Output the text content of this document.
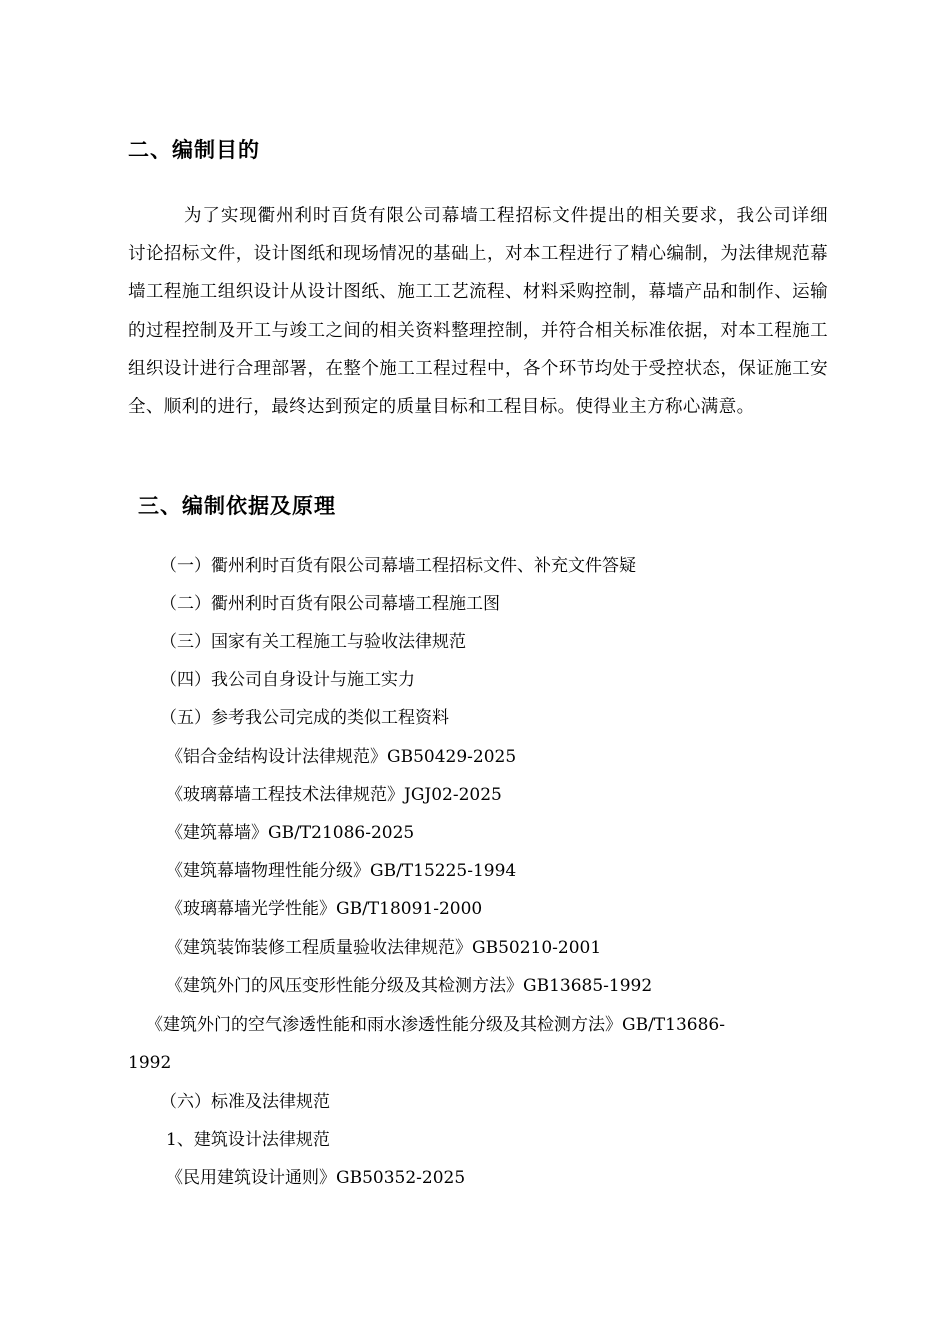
二、编制目的
为了实现衢州利时百货有限公司幕墙工程招标文件提出的相关要求，我公司详细讨论招标文件，设计图纸和现场情况的基础上，对本工程进行了精心编制，为法律规范幕墙工程施工组织设计从设计图纸、施工工艺流程、材料采购控制，幕墙产品和制作、运输的过程控制及开工与竣工之间的相关资料整理控制，并符合相关标准依据，对本工程施工组织设计进行合理部署，在整个施工工程过程中，各个环节均处于受控状态，保证施工安全、顺利的进行，最终达到预定的质量目标和工程目标。使得业主方称心满意。
三、编制依据及原理
（一）衢州利时百货有限公司幕墙工程招标文件、补充文件答疑
（二）衢州利时百货有限公司幕墙工程施工图
（三）国家有关工程施工与验收法律规范
（四）我公司自身设计与施工实力
（五）参考我公司完成的类似工程资料
《铝合金结构设计法律规范》GB50429-2025
《玻璃幕墙工程技术法律规范》JGJ02-2025
《建筑幕墙》GB/T21086-2025
《建筑幕墙物理性能分级》GB/T15225-1994
《玻璃幕墙光学性能》GB/T18091-2000
《建筑装饰装修工程质量验收法律规范》GB50210-2001
《建筑外门的风压变形性能分级及其检测方法》GB13685-1992
《建筑外门的空气渗透性能和雨水渗透性能分级及其检测方法》GB/T13686-
1992
（六）标准及法律规范
1、建筑设计法律规范
《民用建筑设计通则》GB50352-2025
